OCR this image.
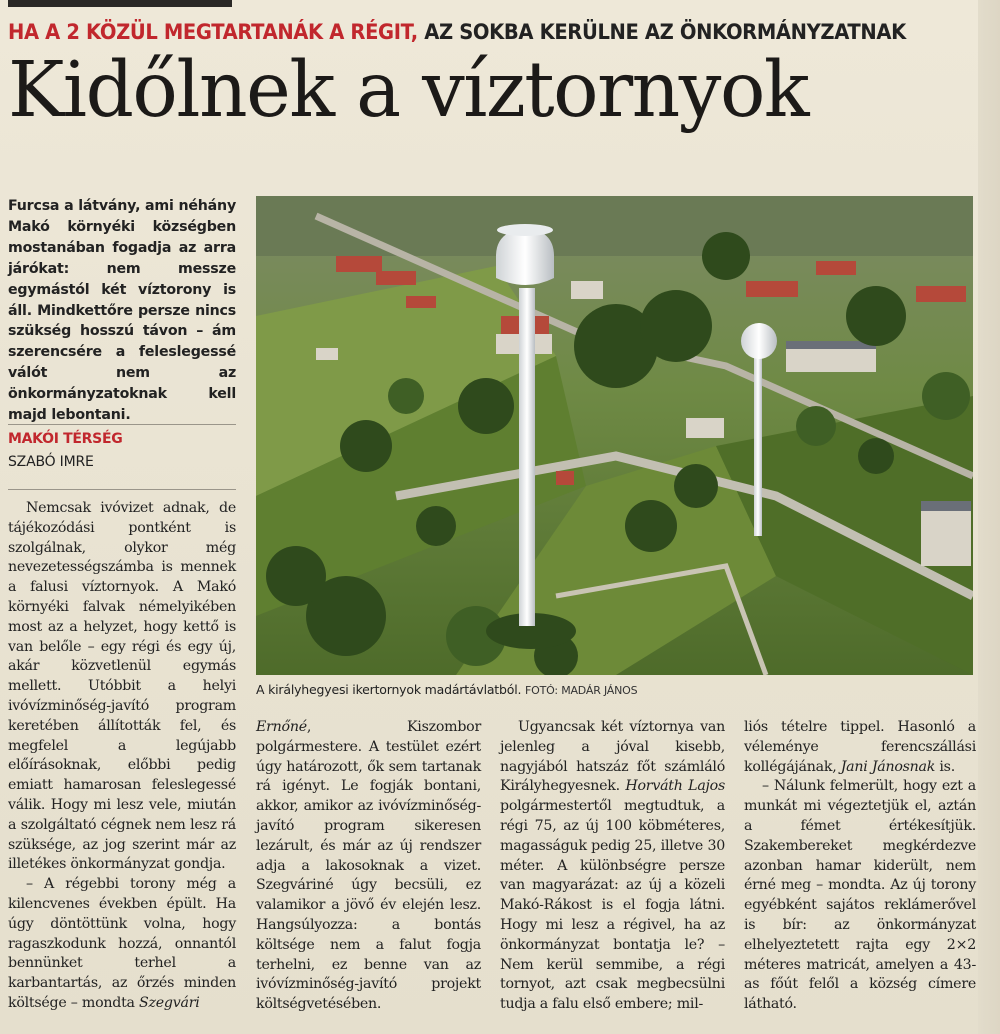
HA A 2 KÖZÜL MEGTARTANÁK A RÉGIT, AZ SOKBA KERÜLNE AZ ÖNKORMÁNYZATNAK
Kidőlnek a víztornyok
Furcsa a látvány, ami néhány Makó környéki községben mostanában fogadja az arra járókat: nem messze egymástól két víztorony is áll. Mindkettőre persze nincs szükség hosszú távon – ám szerencsére a feleslegessé válót nem az önkormányzatoknak kell majd lebontani.
MAKÓI TÉRSÉG
SZABÓ IMRE
A királyhegyesi ikertornyok madártávlatból. FOTÓ: MADÁR JÁNOS

Nemcsak ivóvizet adnak, de tájékozódási pontként is szolgálnak, olykor még nevezetességszámba is mennek a falusi víztornyok. A Makó környéki falvak némelyikében most az a helyzet, hogy kettő is van belőle – egy régi és egy új, akár közvetlenül egymás mellett. Utóbbit a helyi ivóvízminőség-javító program keretében állították fel, és megfelel a legújabb előírásoknak, előbbi pedig emiatt hamarosan feleslegessé válik. Hogy mi lesz vele, miután a szolgáltató cégnek nem lesz rá szüksége, az jog szerint már az illetékes önkormányzat gondja.

– A régebbi torony még a kilencvenes években épült. Ha úgy döntöttünk volna, hogy ragaszkodunk hozzá, onnantól bennünket terhel a karbantartás, az őrzés minden költsége – mondta Szegvári

Ernőné, Kiszombor polgármestere. A testület ezért úgy határozott, ők sem tartanak rá igényt. Le fogják bontani, akkor, amikor az ivóvízminőség-javító program sikeresen lezárult, és már az új rendszer adja a lakosoknak a vizet. Szegváriné úgy becsüli, ez valamikor a jövő év elején lesz. Hangsúlyozza: a bontás költsége nem a falut fogja terhelni, ez benne van az ivóvízminőség-javító projekt költségvetésében.

Ugyancsak két víztornya van jelenleg a jóval kisebb, nagyjából hatszáz főt számláló Királyhegyesnek. Horváth Lajos polgármestertől megtudtuk, a régi 75, az új 100 köbméteres, magasságuk pedig 25, illetve 30 méter. A különbségre persze van magyarázat: az új a közeli Makó-Rákost is el fogja látni. Hogy mi lesz a régivel, ha az önkormányzat bontatja le? – Nem kerül semmibe, a régi tornyot, azt csak megbecsülni tudja a falu első embere; mil-

liós tételre tippel. Hasonló a véleménye ferencszállási kollégájának, Jani Jánosnak is.

– Nálunk felmerült, hogy ezt a munkát mi végeztetjük el, aztán a fémet értékesítjük. Szakembereket megkérdezve azonban hamar kiderült, nem érné meg – mondta. Az új torony egyébként sajátos reklámerővel is bír: az önkormányzat elhelyeztetett rajta egy 2×2 méteres matricát, amelyen a 43-as főút felől a község címere látható.
